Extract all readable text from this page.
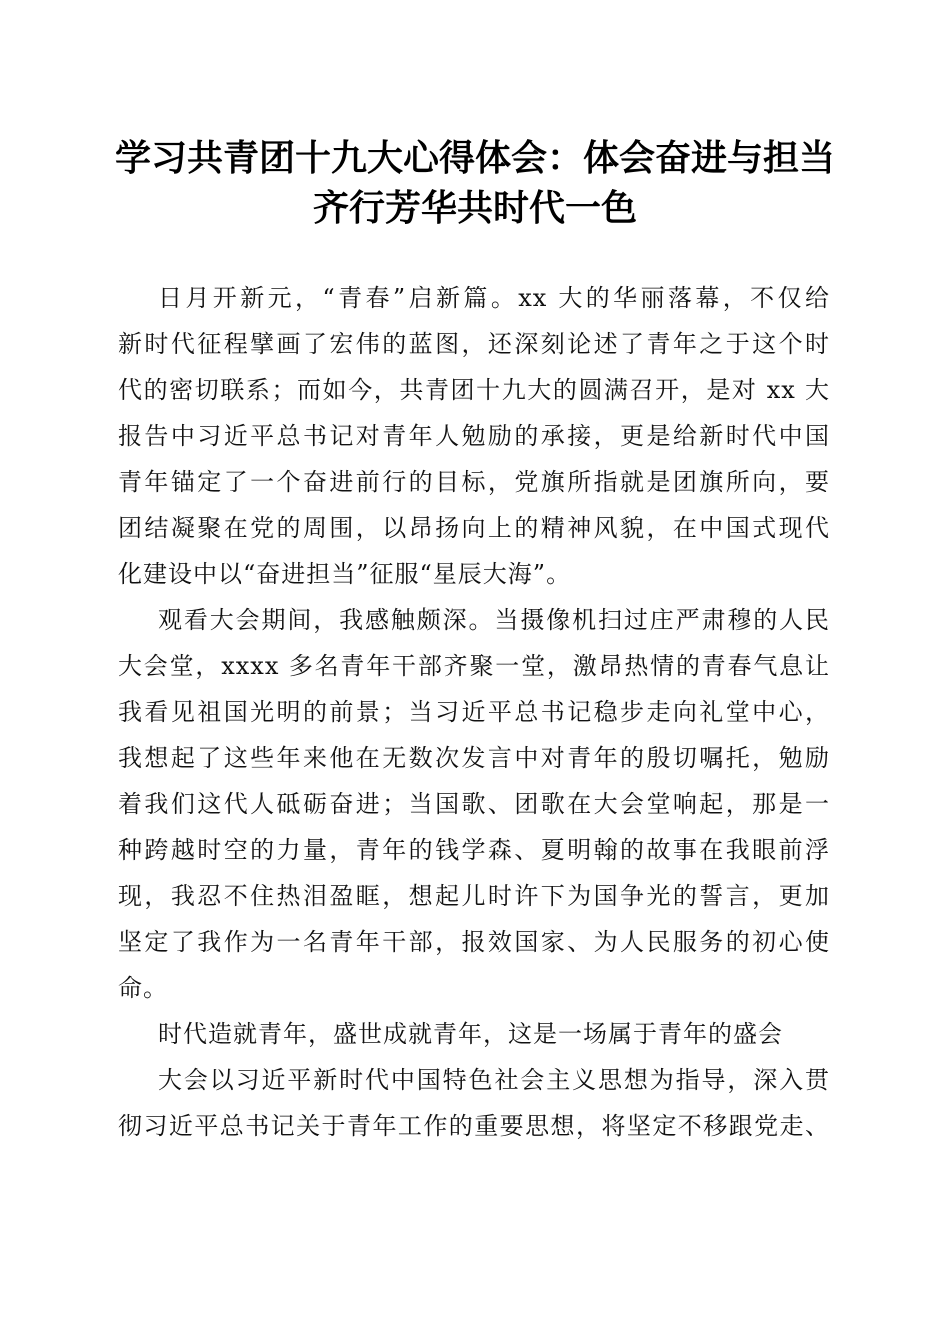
学习共青团十九大心得体会：体会奋进与担当
齐行芳华共时代一色
日月开新元，“青春”启新篇。xx 大的华丽落幕，不仅给
新时代征程擘画了宏伟的蓝图，还深刻论述了青年之于这个时
代的密切联系；而如今，共青团十九大的圆满召开，是对 xx 大
报告中习近平总书记对青年人勉励的承接，更是给新时代中国
青年锚定了一个奋进前行的目标，党旗所指就是团旗所向，要
团结凝聚在党的周围，以昂扬向上的精神风貌，在中国式现代
化建设中以“奋进担当”征服“星辰大海”。
观看大会期间，我感触颇深。当摄像机扫过庄严肃穆的人民
大会堂，xxxx 多名青年干部齐聚一堂，激昂热情的青春气息让
我看见祖国光明的前景；当习近平总书记稳步走向礼堂中心，
我想起了这些年来他在无数次发言中对青年的殷切嘱托，勉励
着我们这代人砥砺奋进；当国歌、团歌在大会堂响起，那是一
种跨越时空的力量，青年的钱学森、夏明翰的故事在我眼前浮
现，我忍不住热泪盈眶，想起儿时许下为国争光的誓言，更加
坚定了我作为一名青年干部，报效国家、为人民服务的初心使
命。
时代造就青年，盛世成就青年，这是一场属于青年的盛会
大会以习近平新时代中国特色社会主义思想为指导，深入贯
彻习近平总书记关于青年工作的重要思想，将坚定不移跟党走、
